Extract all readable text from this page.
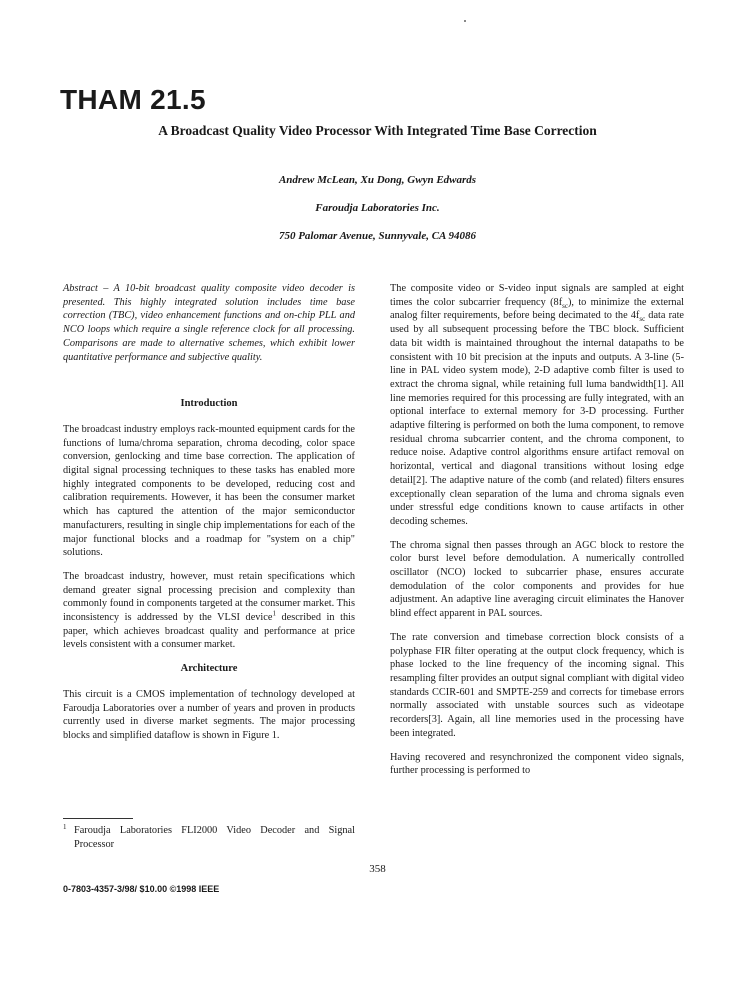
THAM 21.5
A Broadcast Quality Video Processor With Integrated Time Base Correction
Andrew McLean, Xu Dong, Gwyn Edwards
Faroudja Laboratories Inc.
750 Palomar Avenue, Sunnyvale, CA 94086

Abstract – A 10-bit broadcast quality composite video decoder is presented. This highly integrated solution includes time base correction (TBC), video enhancement functions and on-chip PLL and NCO loops which require a single reference clock for all processing. Comparisons are made to alternative schemes, which exhibit lower quantitative performance and subjective quality.

Introduction

The broadcast industry employs rack-mounted equipment cards for the functions of luma/chroma separation, chroma decoding, color space conversion, genlocking and time base correction. The application of digital signal processing techniques to these tasks has enabled more highly integrated components to be developed, reducing cost and calibration requirements. However, it has been the consumer market which has captured the attention of the major semiconductor manufacturers, resulting in single chip implementations for each of the major functional blocks and a roadmap for "system on a chip" solutions.

The broadcast industry, however, must retain specifications which demand greater signal processing precision and complexity than commonly found in components targeted at the consumer market. This inconsistency is addressed by the VLSI device$^1$ described in this paper, which achieves broadcast quality and performance at price levels consistent with a consumer market.

Architecture

This circuit is a CMOS implementation of technology developed at Faroudja Laboratories over a number of years and proven in products currently used in diverse market segments. The major processing blocks and simplified dataflow is shown in Figure 1.

1 Faroudja Laboratories FLI2000 Video Decoder and Signal Processor

The composite video or S-video input signals are sampled at eight times the color subcarrier frequency $(8f_{sc})$, to minimize the external analog filter requirements, before being decimated to the $4f_{sc}$ data rate used by all subsequent processing before the TBC block. Sufficient data bit width is maintained throughout the internal datapaths to be consistent with 10 bit precision at the inputs and outputs. A 3-line (5-line in PAL video system mode), 2-D adaptive comb filter is used to extract the chroma signal, while retaining full luma bandwidth[1]. All line memories required for this processing are fully integrated, with an optional interface to external memory for 3-D processing. Further adaptive filtering is performed on both the luma component, to remove residual chroma subcarrier content, and the chroma component, to reduce noise. Adaptive control algorithms ensure artifact removal on horizontal, vertical and diagonal transitions without losing edge detail[2]. The adaptive nature of the comb (and related) filters ensures exceptionally clean separation of the luma and chroma signals even under stressful edge conditions known to cause artifacts in other decoding schemes.

The chroma signal then passes through an AGC block to restore the color burst level before demodulation. A numerically controlled oscillator (NCO) locked to subcarrier phase, ensures accurate demodulation of the color components and provides for hue adjustment. An adaptive line averaging circuit eliminates the Hanover blind effect apparent in PAL sources.

The rate conversion and timebase correction block consists of a polyphase FIR filter operating at the output clock frequency, which is phase locked to the line frequency of the incoming signal. This resampling filter provides an output signal compliant with digital video standards CCIR-601 and SMPTE-259 and corrects for timebase errors normally associated with unstable sources such as videotape recorders[3]. Again, all line memories used in the processing have been integrated.

Having recovered and resynchronized the component video signals, further processing is performed to

358
0-7803-4357-3/98/ $10.00 ©1998 IEEE
